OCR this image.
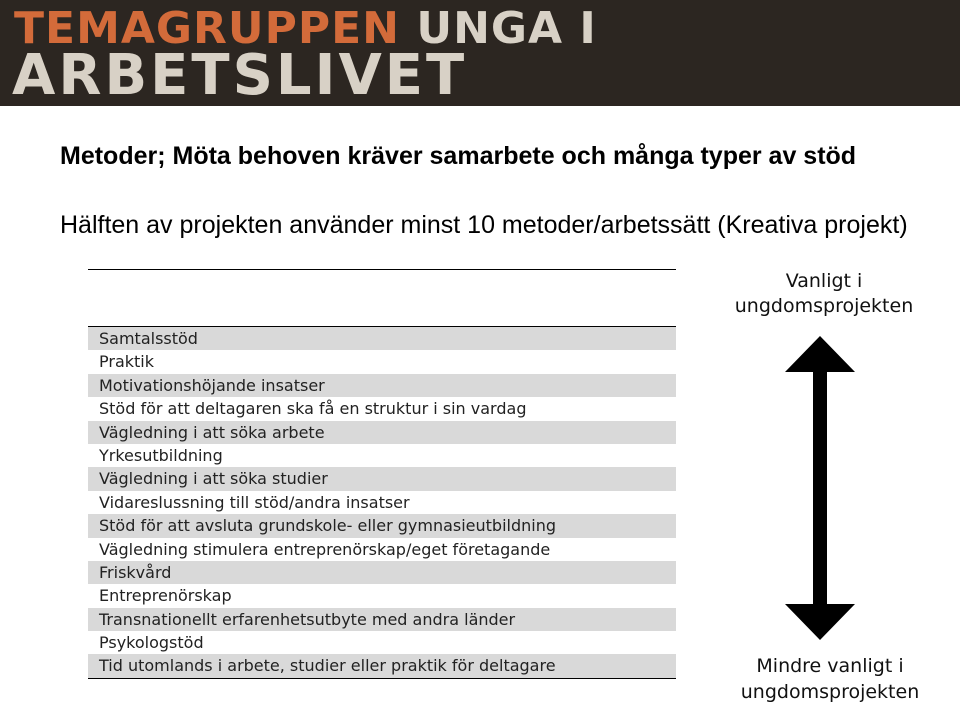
TEMAGRUPPEN UNGA I
ARBETSLIVET
Metoder; Möta behoven kräver samarbete och många typer av stöd
Hälften av projekten använder minst 10 metoder/arbetssätt (Kreativa projekt)
Samtalsstöd
Praktik
Motivationshöjande insatser
Stöd för att deltagaren ska få en struktur i sin vardag
Vägledning i att söka arbete
Yrkesutbildning
Vägledning i att söka studier
Vidareslussning till stöd/andra insatser
Stöd för att avsluta grundskole- eller gymnasieutbildning
Vägledning stimulera entreprenörskap/eget företagande
Friskvård
Entreprenörskap
Transnationellt erfarenhetsutbyte med andra länder
Psykologstöd
Tid utomlands i arbete, studier eller praktik för deltagare
Vanligt i ungdomsprojekten
Mindre vanligt i ungdomsprojekten
